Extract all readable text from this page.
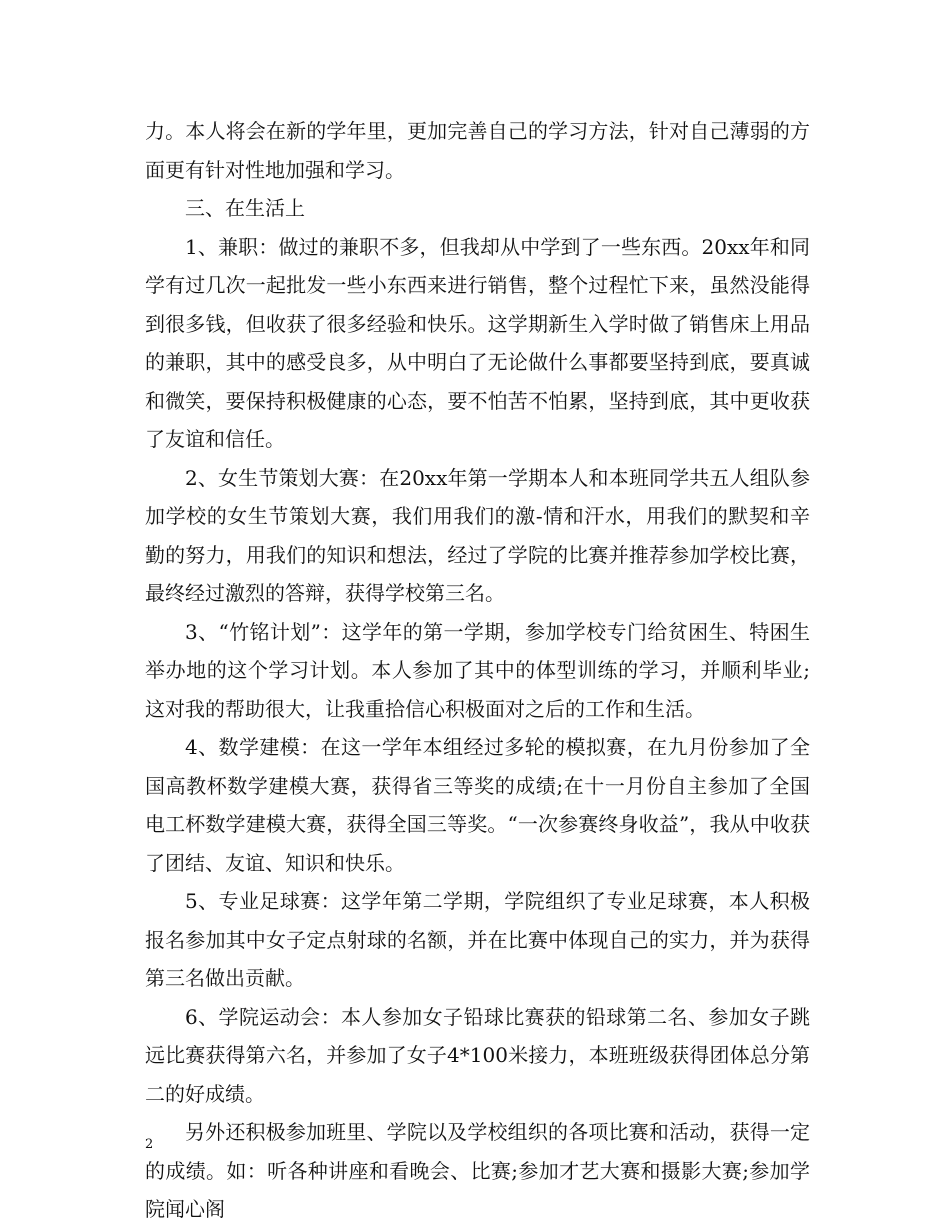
力。本人将会在新的学年里，更加完善自己的学习方法，针对自己薄弱的方面更有针对性地加强和学习。

三、在生活上

1、兼职：做过的兼职不多，但我却从中学到了一些东西。20xx年和同学有过几次一起批发一些小东西来进行销售，整个过程忙下来，虽然没能得到很多钱，但收获了很多经验和快乐。这学期新生入学时做了销售床上用品的兼职，其中的感受良多，从中明白了无论做什么事都要坚持到底，要真诚和微笑，要保持积极健康的心态，要不怕苦不怕累，坚持到底，其中更收获了友谊和信任。

2、女生节策划大赛：在20xx年第一学期本人和本班同学共五人组队参加学校的女生节策划大赛，我们用我们的激-情和汗水，用我们的默契和辛勤的努力，用我们的知识和想法，经过了学院的比赛并推荐参加学校比赛，最终经过激烈的答辩，获得学校第三名。

3、“竹铭计划”：这学年的第一学期，参加学校专门给贫困生、特困生举办地的这个学习计划。本人参加了其中的体型训练的学习，并顺利毕业;这对我的帮助很大，让我重拾信心积极面对之后的工作和生活。

4、数学建模：在这一学年本组经过多轮的模拟赛，在九月份参加了全国高教杯数学建模大赛，获得省三等奖的成绩;在十一月份自主参加了全国电工杯数学建模大赛，获得全国三等奖。“一次参赛终身收益”，我从中收获了团结、友谊、知识和快乐。

5、专业足球赛：这学年第二学期，学院组织了专业足球赛，本人积极报名参加其中女子定点射球的名额，并在比赛中体现自己的实力，并为获得第三名做出贡献。

6、学院运动会：本人参加女子铅球比赛获的铅球第二名、参加女子跳远比赛获得第六名，并参加了女子4*100米接力，本班班级获得团体总分第二的好成绩。

另外还积极参加班里、学院以及学校组织的各项比赛和活动，获得一定的成绩。如：听各种讲座和看晚会、比赛;参加才艺大赛和摄影大赛;参加学院闻心阁

2
